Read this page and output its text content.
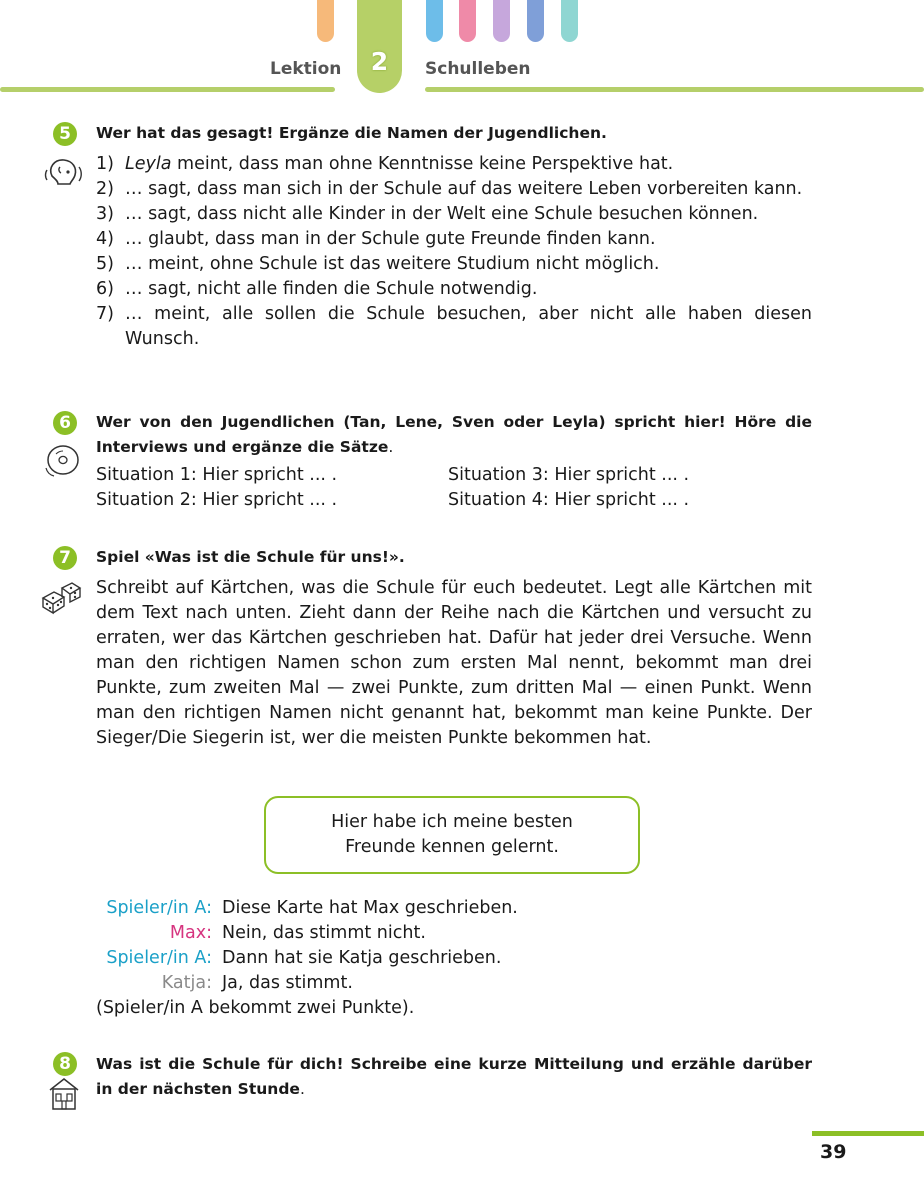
2
Lektion	Schulleben
5	Wer hat das gesagt! Ergänze die Namen der Jugendlichen.
1) Leyla meint, dass man ohne Kenntnisse keine Perspektive hat.
2) … sagt, dass man sich in der Schule auf das weitere Leben vorbereiten kann.
3) … sagt, dass nicht alle Kinder in der Welt eine Schule besuchen können.
4) … glaubt, dass man in der Schule gute Freunde finden kann.
5) … meint, ohne Schule ist das weitere Studium nicht möglich.
6) … sagt, nicht alle finden die Schule notwendig.
7) … meint, alle sollen die Schule besuchen, aber nicht alle haben diesen Wunsch.
6	Wer von den Jugendlichen (Tan, Lene, Sven oder Leyla) spricht hier! Höre die Interviews und ergänze die Sätze.
Situation 1: Hier spricht ... .
Situation 2: Hier spricht ... .
Situation 3: Hier spricht ... .
Situation 4: Hier spricht ... .
7	Spiel «Was ist die Schule für uns!».
Schreibt auf Kärtchen, was die Schule für euch bedeutet. Legt alle Kärtchen mit dem Text nach unten. Zieht dann der Reihe nach die Kärtchen und versucht zu erraten, wer das Kärtchen geschrieben hat. Dafür hat jeder drei Versuche. Wenn man den richtigen Namen schon zum ersten Mal nennt, bekommt man drei Punkte, zum zweiten Mal — zwei Punkte, zum dritten Mal — einen Punkt. Wenn man den richtigen Namen nicht genannt hat, bekommt man keine Punkte. Der Sieger/Die Siegerin ist, wer die meisten Punkte bekommen hat.
Hier habe ich meine besten
Freunde kennen gelernt.
Spieler/in A: Diese Karte hat Max geschrieben.
Max: Nein, das stimmt nicht.
Spieler/in A: Dann hat sie Katja geschrieben.
Katja: Ja, das stimmt.
(Spieler/in A bekommt zwei Punkte).
8	Was ist die Schule für dich! Schreibe eine kurze Mitteilung und erzähle darüber in der nächsten Stunde.
39
